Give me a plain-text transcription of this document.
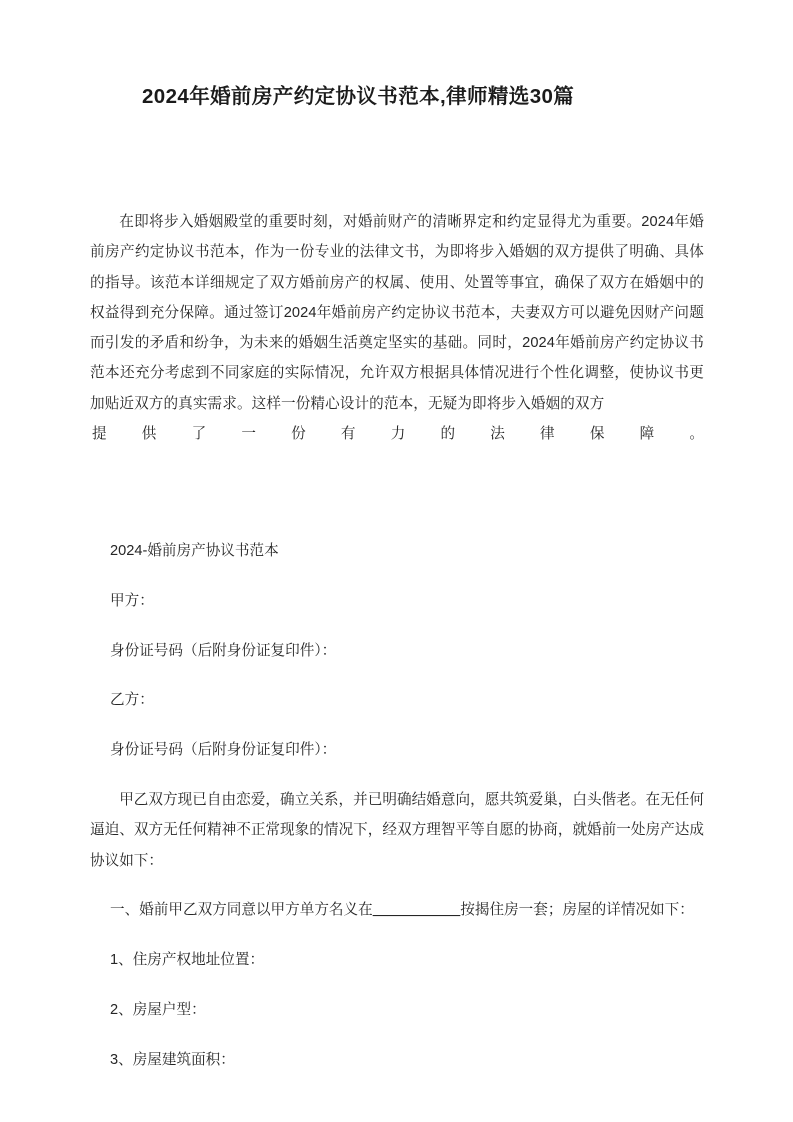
2024年婚前房产约定协议书范本,律师精选30篇

在即将步入婚姻殿堂的重要时刻，对婚前财产的清晰界定和约定显得尤为重要。2024年婚前房产约定协议书范本，作为一份专业的法律文书，为即将步入婚姻的双方提供了明确、具体的指导。该范本详细规定了双方婚前房产的权属、使用、处置等事宜，确保了双方在婚姻中的权益得到充分保障。通过签订2024年婚前房产约定协议书范本，夫妻双方可以避免因财产问题而引发的矛盾和纷争，为未来的婚姻生活奠定坚实的基础。同时，2024年婚前房产约定协议书范本还充分考虑到不同家庭的实际情况，允许双方根据具体情况进行个性化调整，使协议书更加贴近双方的真实需求。这样一份精心设计的范本，无疑为即将步入婚姻的双方

提 供 了 一 份 有 力 的 法 律 保 障 。

2024-婚前房产协议书范本

甲方：

身份证号码（后附身份证复印件）：

乙方：

身份证号码（后附身份证复印件）：

甲乙双方现已自由恋爱，确立关系，并已明确结婚意向，愿共筑爱巢，白头偕老。在无任何逼迫、双方无任何精神不正常现象的情况下，经双方理智平等自愿的协商，就婚前一处房产达成协议如下：

一、婚前甲乙双方同意以甲方单方名义在＿＿＿＿＿＿按揭住房一套；房屋的详情况如下：

1、住房产权地址位置：

2、房屋户型：

3、房屋建筑面积：
